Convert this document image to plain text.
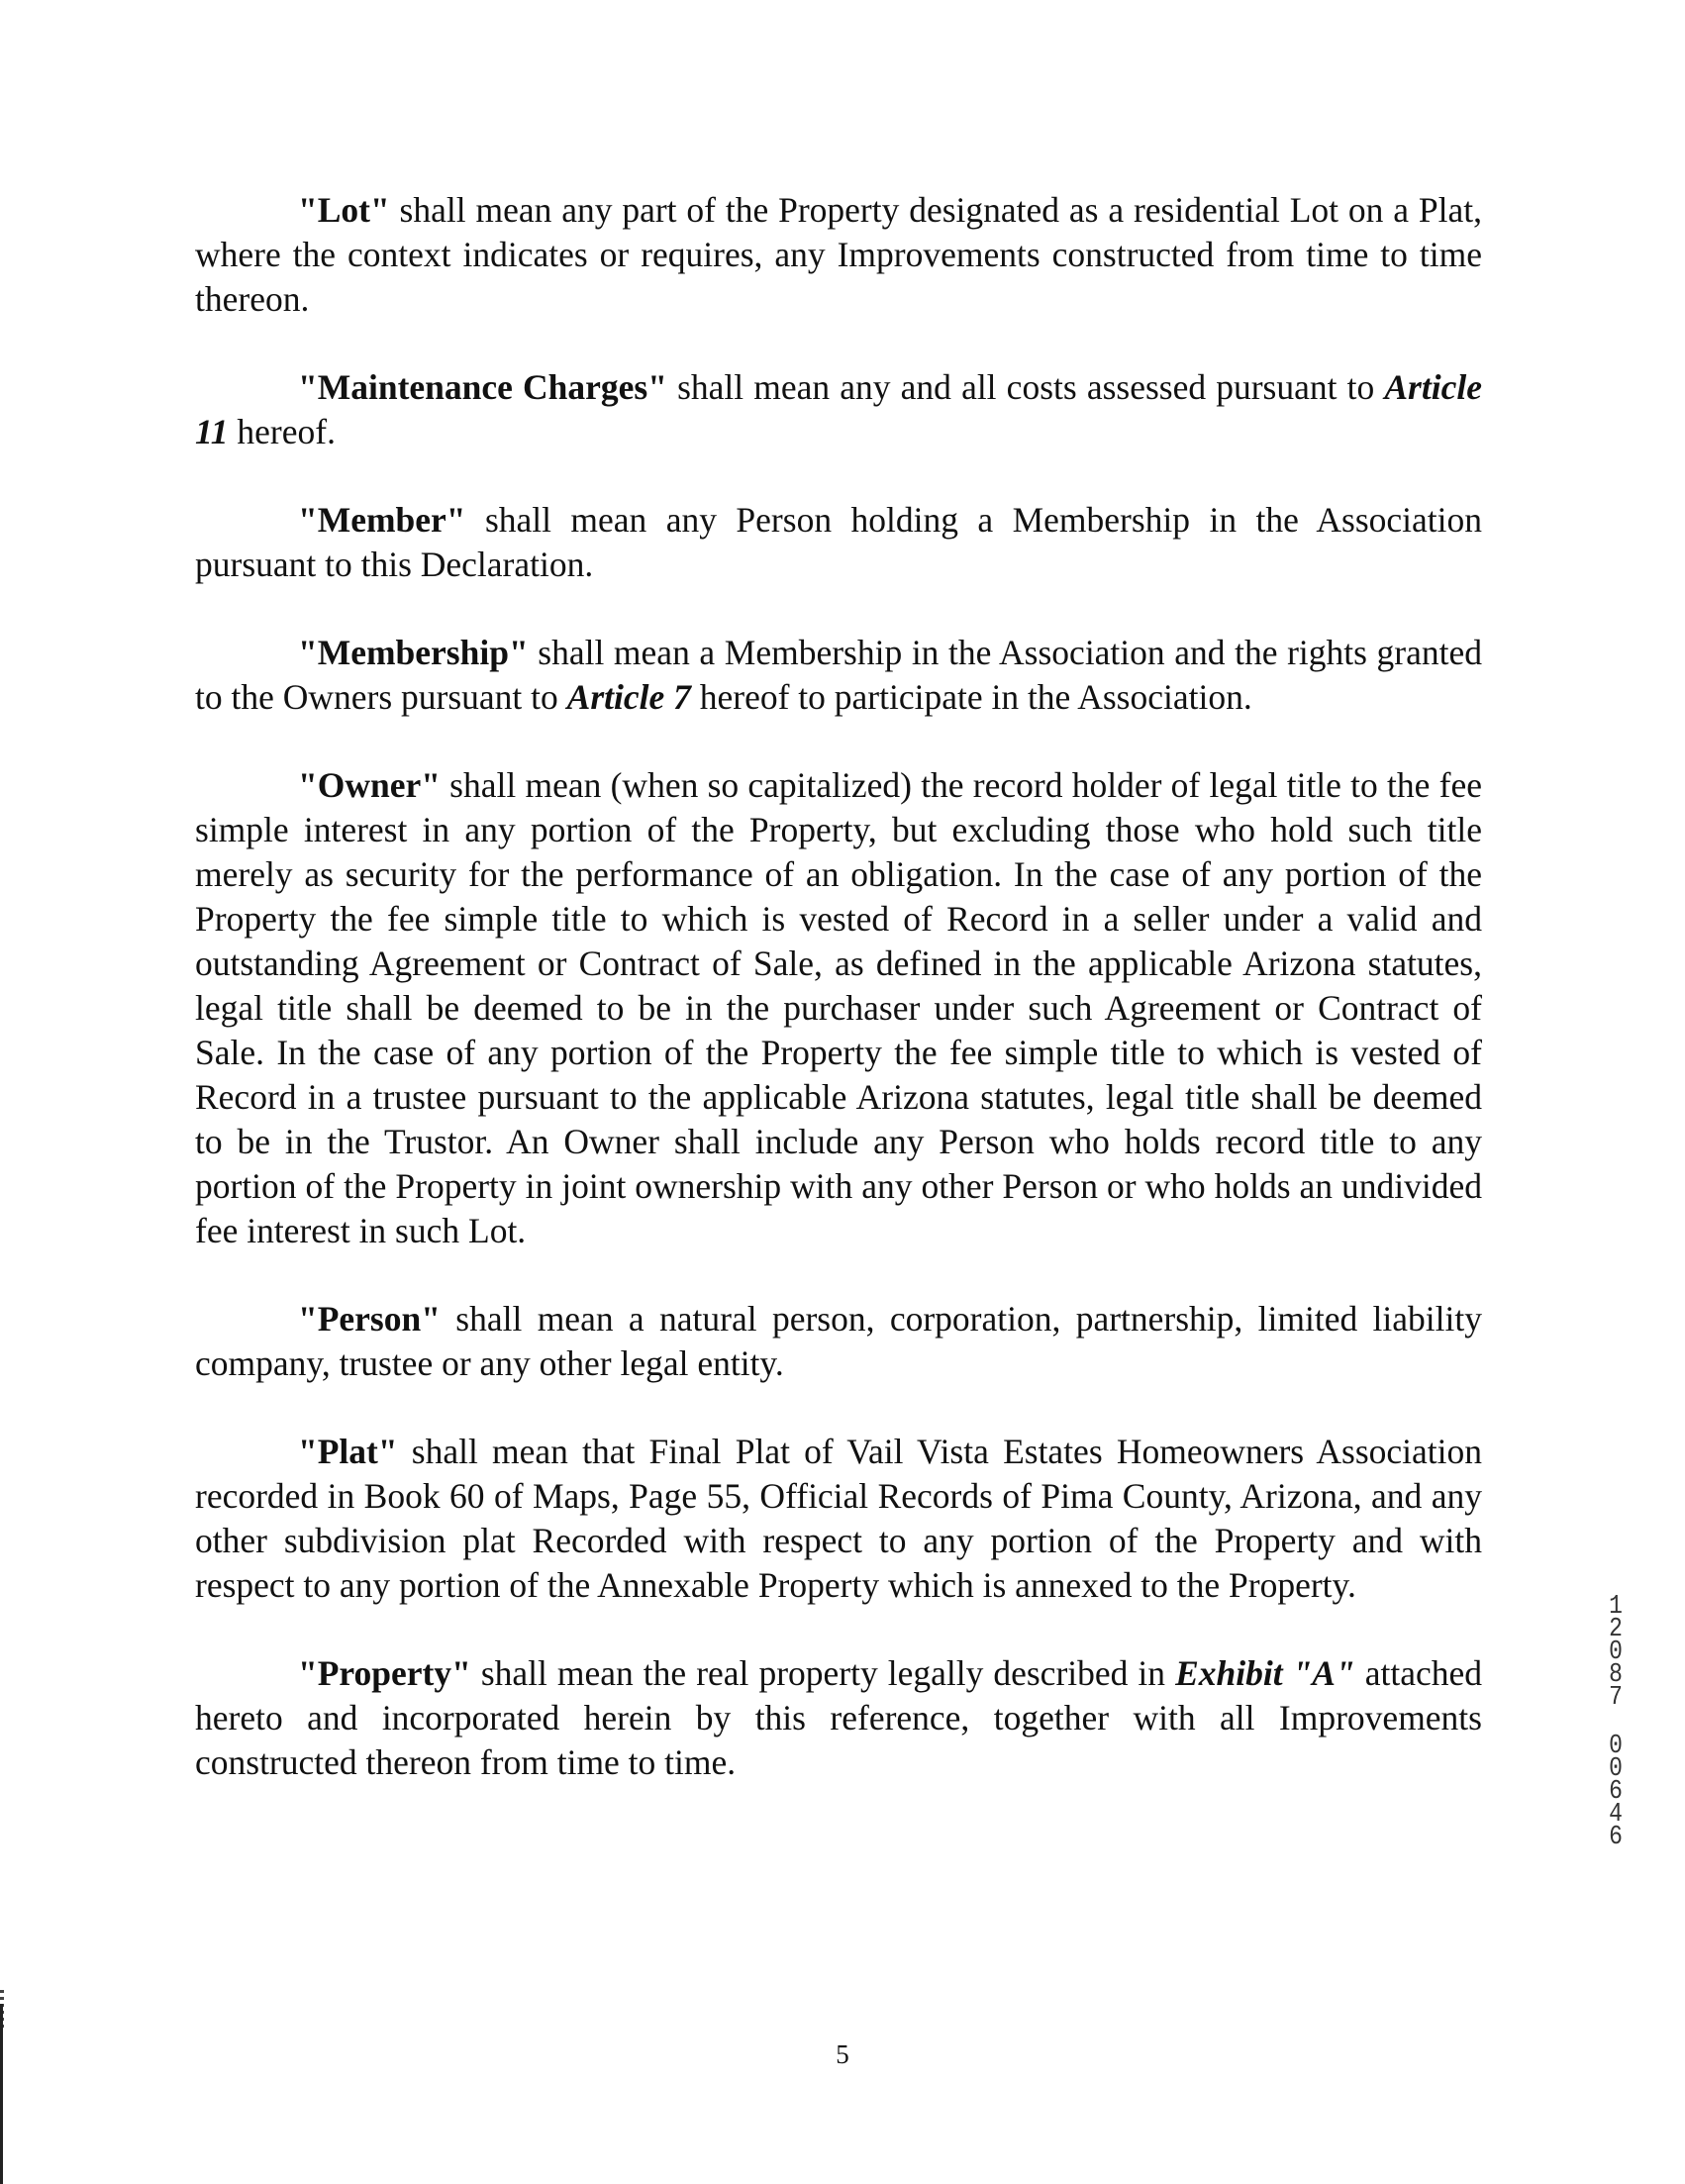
"Lot" shall mean any part of the Property designated as a residential Lot on a Plat, where the context indicates or requires, any Improvements constructed from time to time thereon.

"Maintenance Charges" shall mean any and all costs assessed pursuant to Article 11 hereof.

"Member" shall mean any Person holding a Membership in the Association pursuant to this Declaration.

"Membership" shall mean a Membership in the Association and the rights granted to the Owners pursuant to Article 7 hereof to participate in the Association.

"Owner" shall mean (when so capitalized) the record holder of legal title to the fee simple interest in any portion of the Property, but excluding those who hold such title merely as security for the performance of an obligation. In the case of any portion of the Property the fee simple title to which is vested of Record in a seller under a valid and outstanding Agreement or Contract of Sale, as defined in the applicable Arizona statutes, legal title shall be deemed to be in the purchaser under such Agreement or Contract of Sale. In the case of any portion of the Property the fee simple title to which is vested of Record in a trustee pursuant to the applicable Arizona statutes, legal title shall be deemed to be in the Trustor. An Owner shall include any Person who holds record title to any portion of the Property in joint ownership with any other Person or who holds an undivided fee interest in such Lot.

"Person" shall mean a natural person, corporation, partnership, limited liability company, trustee or any other legal entity.

"Plat" shall mean that Final Plat of Vail Vista Estates Homeowners Association recorded in Book 60 of Maps, Page 55, Official Records of Pima County, Arizona, and any other subdivision plat Recorded with respect to any portion of the Property and with respect to any portion of the Annexable Property which is annexed to the Property.

"Property" shall mean the real property legally described in Exhibit "A" attached hereto and incorporated herein by this reference, together with all Improvements constructed thereon from time to time.

1
2
0
8
7
0
0
6
4
6
5
